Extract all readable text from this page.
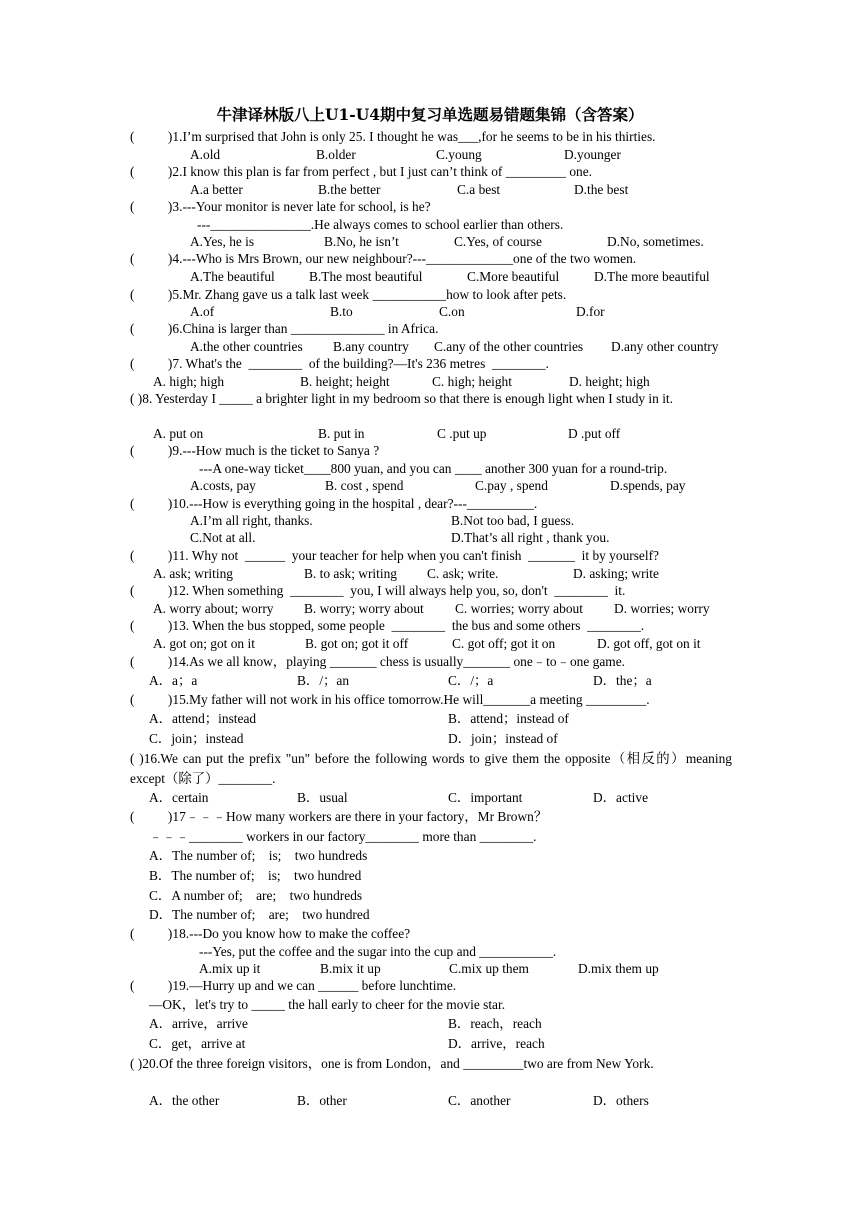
牛津译林版八上U1-U4期中复习单选题易错题集锦（含答案）
(          )1.I’m surprised that John is only 25. I thought he was___,for he seems to be in his thirties.

A.old

	B.older

	C.young

	D.younger

(          )2.I know this plan is far from perfect , but I just can’t think of _________ one.

A.a better

	B.the better

	C.a best

	D.the best

(          )3.---Your monitor is never late for school, is he?
---_______________.He always comes to school earlier than others.

A.Yes, he is

	B.No, he isn’t

	C.Yes, of course

	D.No, sometimes.

(          )4.---Who is Mrs Brown, our new neighbour?---_____________one of the two women.

A.The beautiful

	B.The most beautiful

	C.More beautiful

	D.The more beautiful

(          )5.Mr. Zhang gave us a talk last week ___________how to look after pets.

A.of

	B.to

	C.on

	D.for

(          )6.China is larger than ______________ in Africa.

A.the other countries

B.any country

C.any of the other countries

D.any other country

(          )7. What's the  ________  of the building?—It's 236 metres  ________.

A. high; high

	B. height; height

	C. high; height

	D. height; high

( )8. Yesterday I _____ a brighter light in my bedroom so that there is enough light when I study in it.

A. put on

	B. put in

	C .put up

	D .put off

(          )9.---How much is the ticket to Sanya ?
---A one-way ticket____800 yuan, and you can ____ another 300 yuan for a round-trip.

A.costs, pay

	B. cost , spend

	C.pay , spend

	D.spends, pay

(          )10.---How is everything going in the hospital , dear?---__________.

A.I’m all right, thanks.

	B.Not too bad, I guess.

C.Not at all.

	D.That’s all right , thank you.

(          )11. Why not  ______  your teacher for help when you can't finish  _______  it by yourself?

A. ask; writing

	B. to ask; writing

C. ask; write.

	D. asking; write

(          )12. When something  ________  you, I will always help you, so, don't  ________  it.

A. worry about; worry

B. worry; worry about

C. worries; worry about

D. worries; worry

(          )13. When the bus stopped, some people  ________  the bus and some others  ________.

A. got on; got on it

	B. got on; got it off

	C. got off; got it on

	D. got off, got on it

(          )14.As we all know，playing _______ chess is usually_______ one﹣to﹣one game.

A．a；a

	B．/；an

	C．/；a

	D．the；a

(          )15.My father will not work in his office tomorrow.He will_______a meeting _________.

A．attend；instead

	B．attend；instead of

C．join；instead

	D．join；instead of

( )16.We can put the prefix "un" before the following words to give them the opposite（相反的）meaning except（除了）________.

A．certain

	B．usual

	C．important

	D．active

(          )17﹣﹣﹣How many workers are there in your factory，Mr Brown？
﹣﹣﹣________ workers in our factory________ more than ________.
A．The number of;    is;    two hundreds
B．The number of;    is;    two hundred
C．A number of;    are;    two hundreds
D．The number of;    are;    two hundred
(          )18.---Do you know how to make the coffee?
---Yes, put the coffee and the sugar into the cup and ___________.

A.mix up it

	B.mix it up

	C.mix up them

	D.mix them up

(          )19.—Hurry up and we can ______ before lunchtime.
—OK，let's try to _____ the hall early to cheer for the movie star.

A．arrive，arrive

	B．reach，reach

C．get，arrive at

	D．arrive，reach

( )20.Of the three foreign visitors，one is from London，and _________two are from New York.

A．the other

	B．other

	C．another

	D．others
